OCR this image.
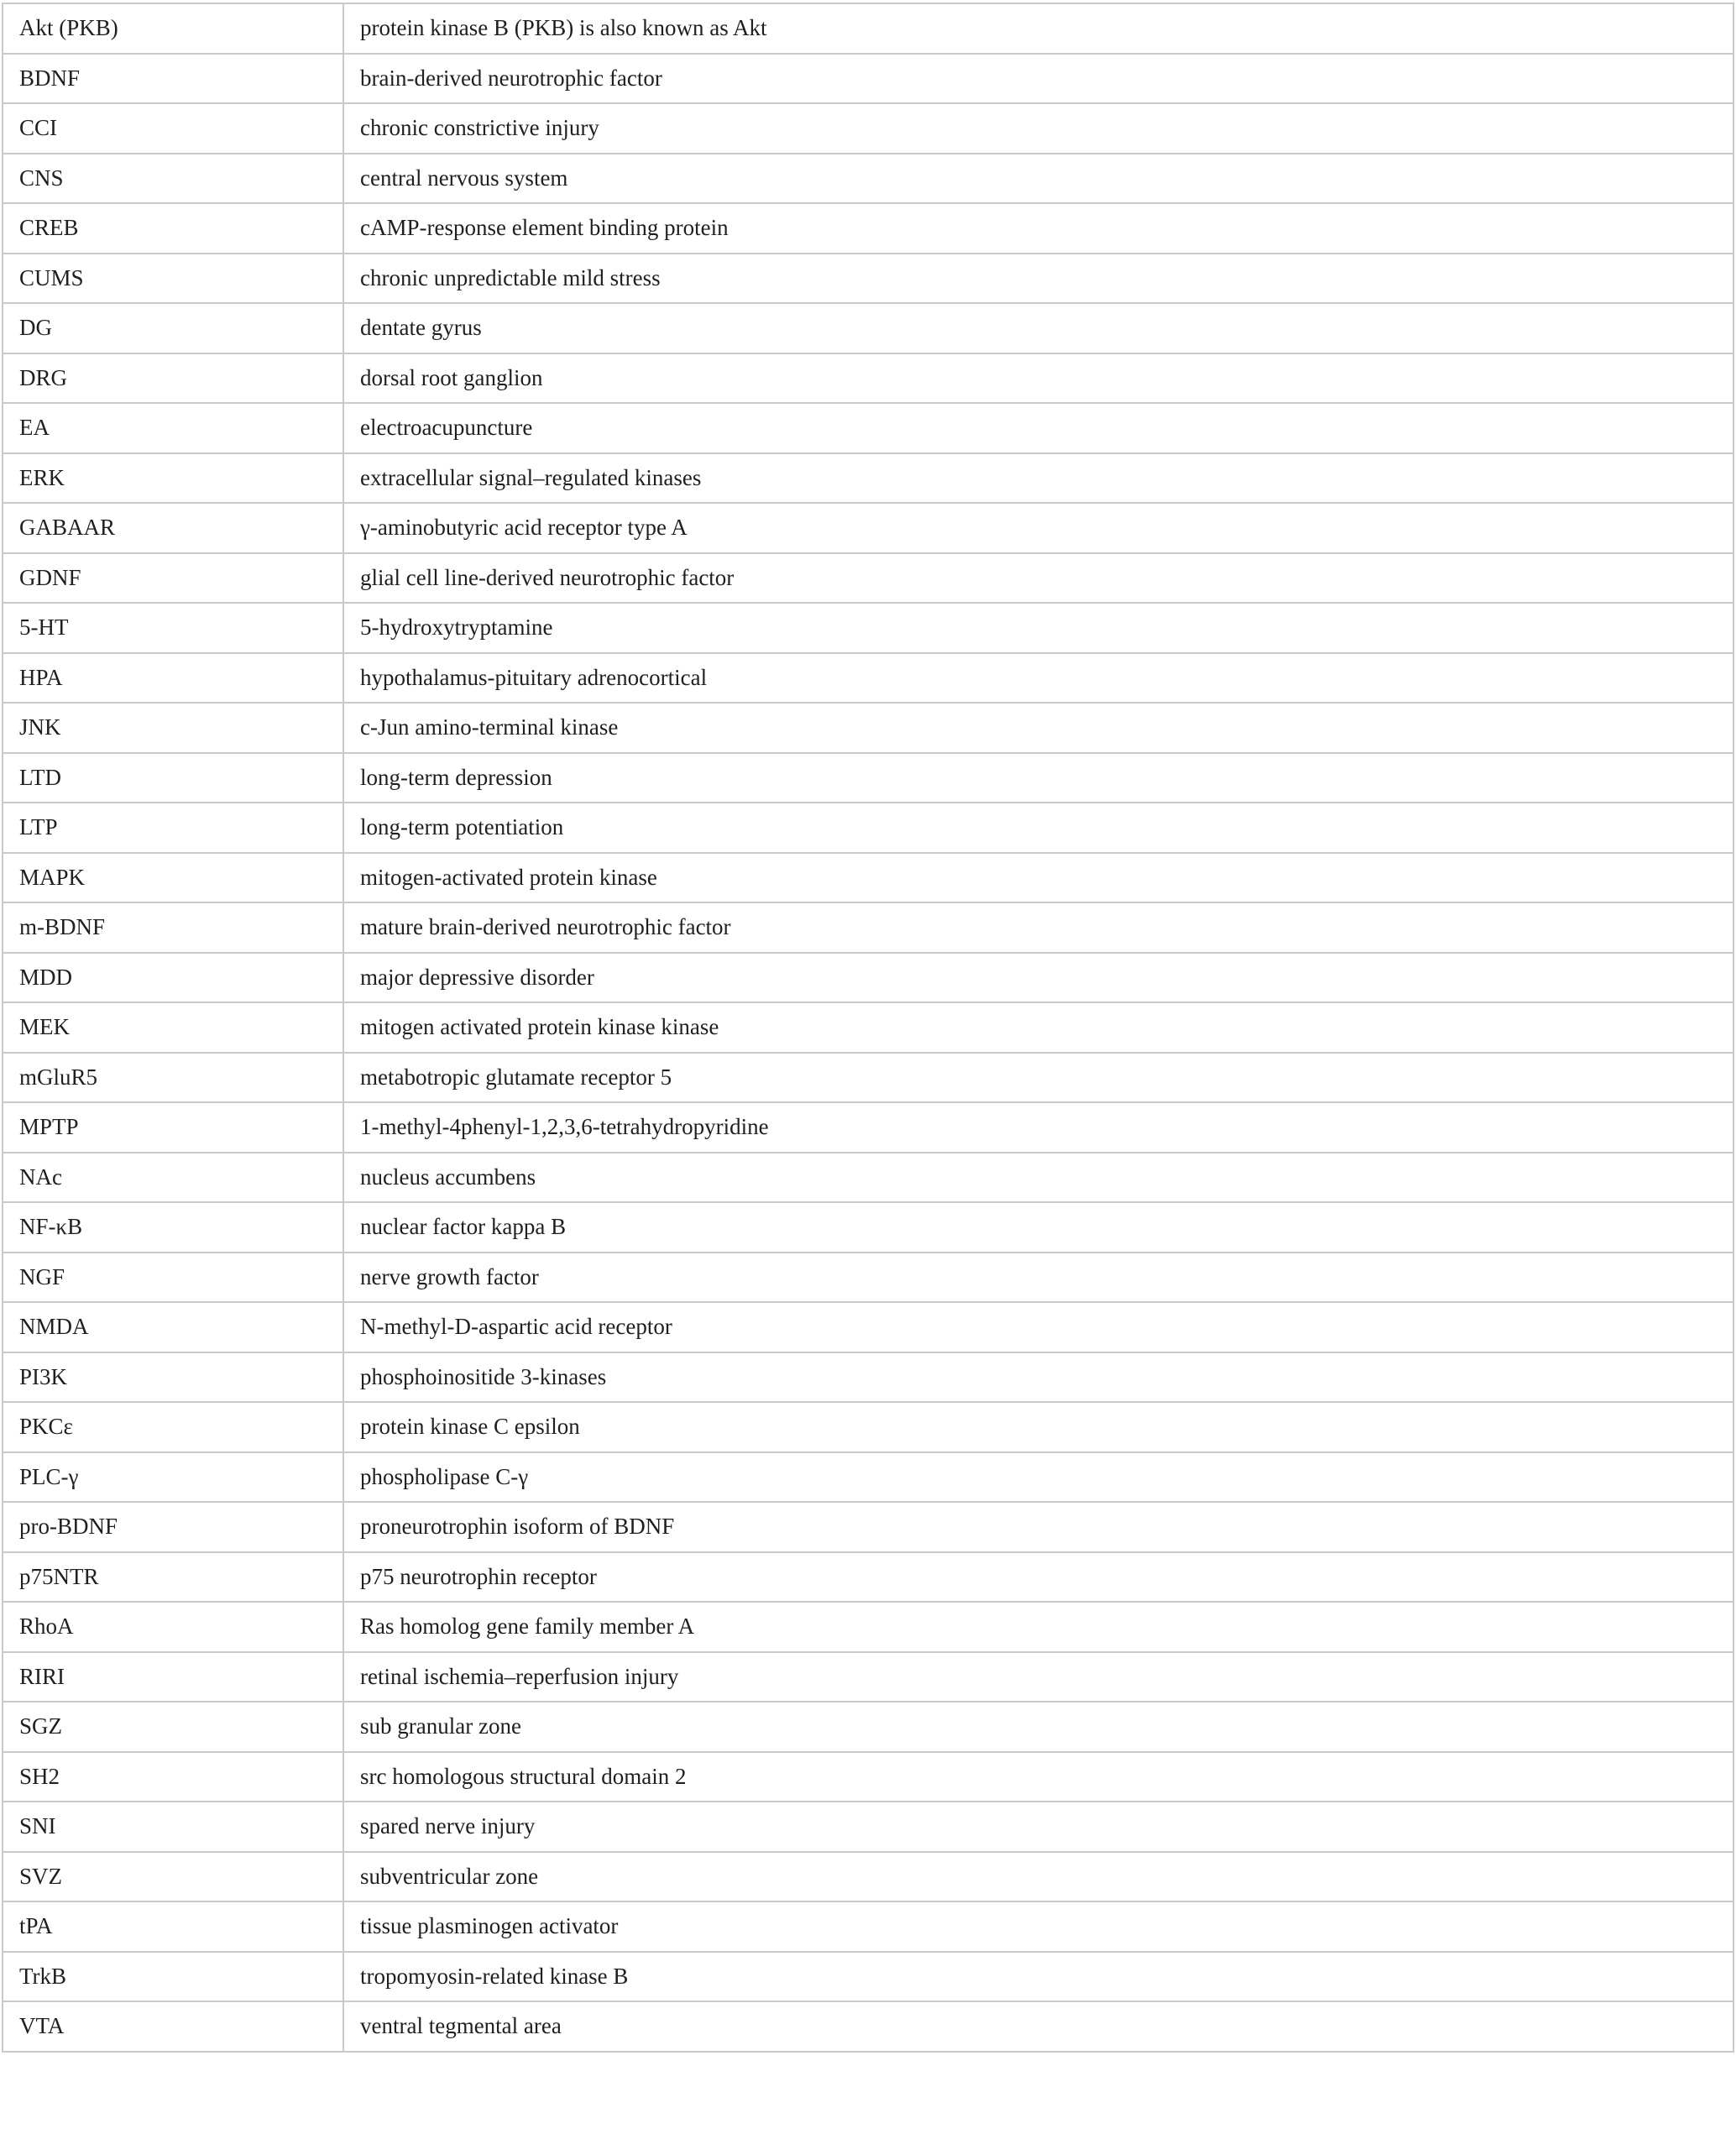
Akt (PKB)	protein kinase B (PKB) is also known as Akt
BDNF	brain-derived neurotrophic factor
CCI	chronic constrictive injury
CNS	central nervous system
CREB	cAMP-response element binding protein
CUMS	chronic unpredictable mild stress
DG	dentate gyrus
DRG	dorsal root ganglion
EA	electroacupuncture
ERK	extracellular signal–regulated kinases
GABAAR	γ-aminobutyric acid receptor type A
GDNF	glial cell line-derived neurotrophic factor
5-HT	5-hydroxytryptamine
HPA	hypothalamus-pituitary adrenocortical
JNK	c-Jun amino-terminal kinase
LTD	long-term depression
LTP	long-term potentiation
MAPK	mitogen-activated protein kinase
m-BDNF	mature brain-derived neurotrophic factor
MDD	major depressive disorder
MEK	mitogen activated protein kinase kinase
mGluR5	metabotropic glutamate receptor 5
MPTP	1-methyl-4phenyl-1,2,3,6-tetrahydropyridine
NAc	nucleus accumbens
NF-κB	nuclear factor kappa B
NGF	nerve growth factor
NMDA	N-methyl-D-aspartic acid receptor
PI3K	phosphoinositide 3-kinases
PKCε	protein kinase C epsilon
PLC-γ	phospholipase C-γ
pro-BDNF	proneurotrophin isoform of BDNF
p75NTR	p75 neurotrophin receptor
RhoA	Ras homolog gene family member A
RIRI	retinal ischemia–reperfusion injury
SGZ	sub granular zone
SH2	src homologous structural domain 2
SNI	spared nerve injury
SVZ	subventricular zone
tPA	tissue plasminogen activator
TrkB	tropomyosin-related kinase B
VTA	ventral tegmental area
